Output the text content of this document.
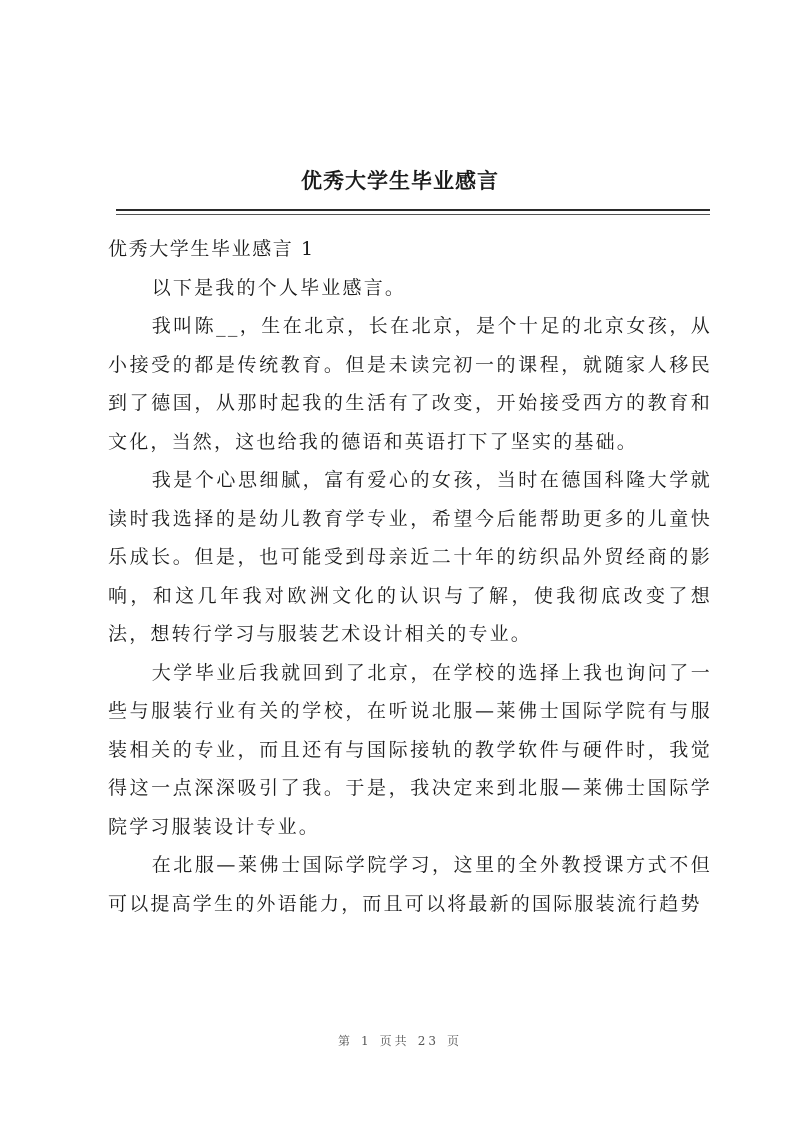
优秀大学生毕业感言

优秀大学生毕业感言 1

以下是我的个人毕业感言。

我叫陈__，生在北京，长在北京，是个十足的北京女孩，从小接受的都是传统教育。但是未读完初一的课程，就随家人移民到了德国，从那时起我的生活有了改变，开始接受西方的教育和文化，当然，这也给我的德语和英语打下了坚实的基础。

我是个心思细腻，富有爱心的女孩，当时在德国科隆大学就读时我选择的是幼儿教育学专业，希望今后能帮助更多的儿童快乐成长。但是，也可能受到母亲近二十年的纺织品外贸经商的影响，和这几年我对欧洲文化的认识与了解，使我彻底改变了想法，想转行学习与服装艺术设计相关的专业。

大学毕业后我就回到了北京，在学校的选择上我也询问了一些与服装行业有关的学校，在听说北服—莱佛士国际学院有与服装相关的专业，而且还有与国际接轨的教学软件与硬件时，我觉得这一点深深吸引了我。于是，我决定来到北服—莱佛士国际学院学习服装设计专业。

在北服—莱佛士国际学院学习，这里的全外教授课方式不但可以提高学生的外语能力，而且可以将最新的国际服装流行趋势

第 1 页共 23 页
